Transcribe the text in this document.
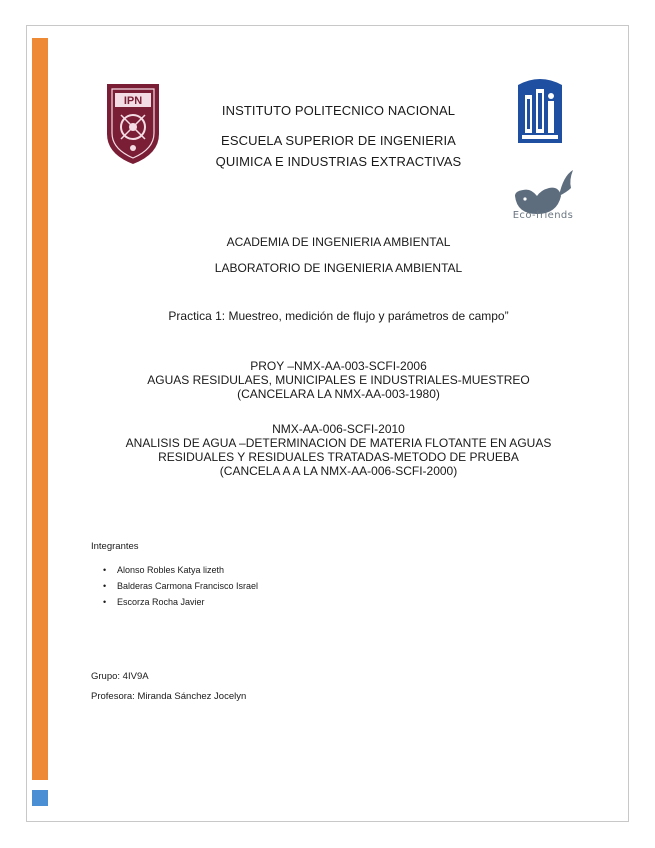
IPN
Eco-friends
INSTITUTO POLITECNICO NACIONAL
ESCUELA SUPERIOR DE INGENIERIA
QUIMICA E INDUSTRIAS EXTRACTIVAS
ACADEMIA DE INGENIERIA AMBIENTAL
LABORATORIO DE INGENIERIA AMBIENTAL
Practica 1: Muestreo, medición de flujo y parámetros de campo”
PROY –NMX-AA-003-SCFI-2006
AGUAS RESIDULAES, MUNICIPALES E INDUSTRIALES-MUESTREO
(CANCELARA LA NMX-AA-003-1980)
NMX-AA-006-SCFI-2010
ANALISIS DE AGUA –DETERMINACION DE MATERIA FLOTANTE EN AGUAS
RESIDUALES Y RESIDUALES TRATADAS-METODO DE PRUEBA
(CANCELA A A LA NMX-AA-006-SCFI-2000)
Integrantes
• Alonso Robles Katya lizeth
• Balderas Carmona Francisco Israel
• Escorza Rocha Javier
Grupo: 4IV9A
Profesora: Miranda Sánchez Jocelyn
